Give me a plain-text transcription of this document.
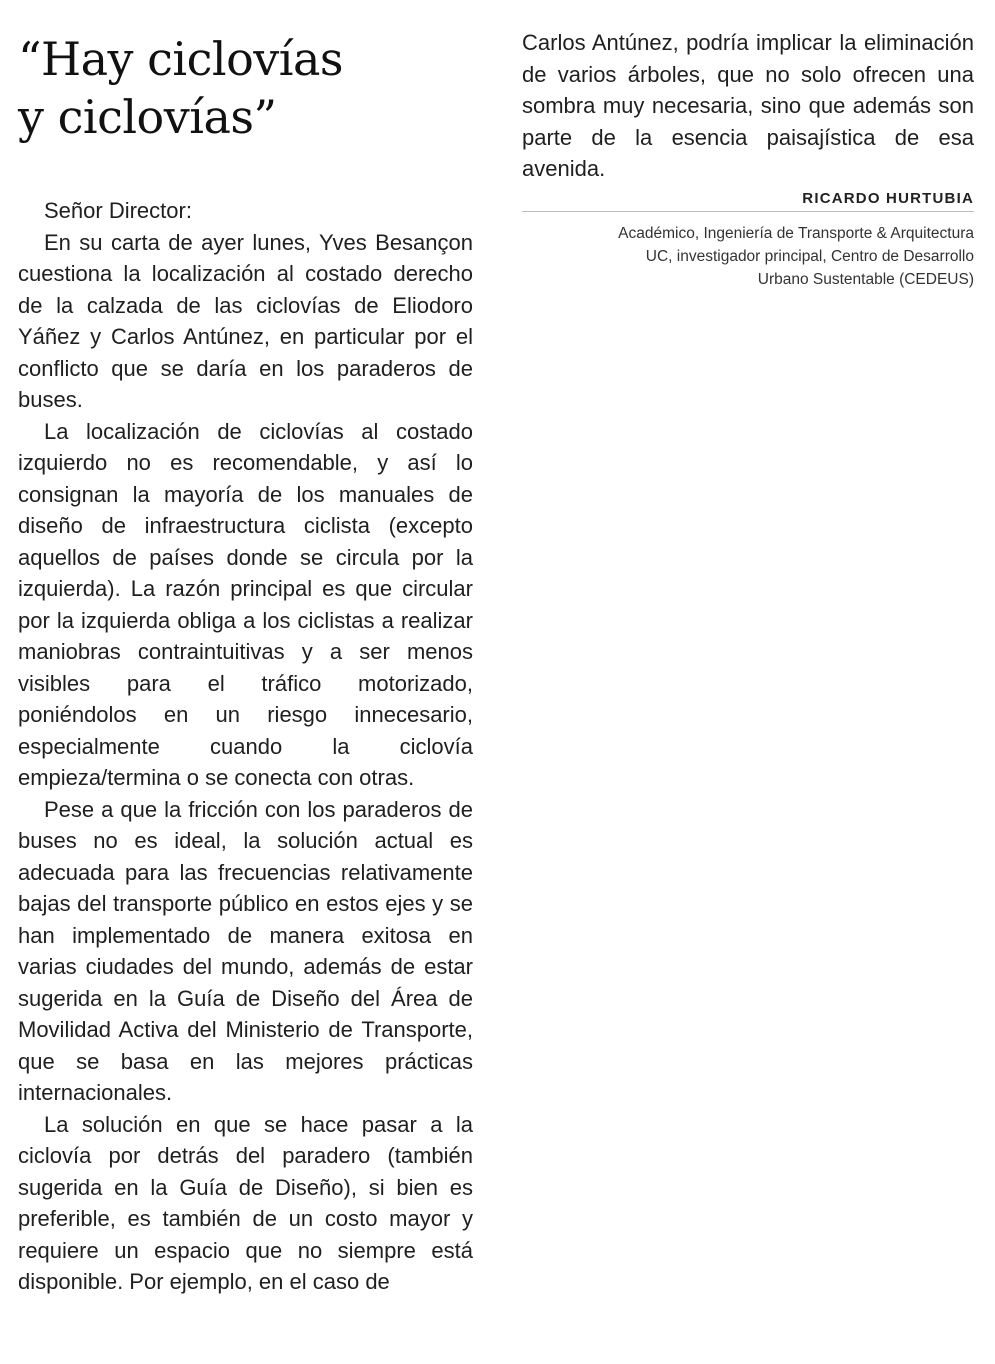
“Hay ciclovías
y ciclovías”

Señor Director:

En su carta de ayer lunes, Yves Besançon cuestiona la localización al costado derecho de la calzada de las ciclovías de Eliodoro Yáñez y Carlos Antúnez, en particular por el conflicto que se daría en los paraderos de buses.

La localización de ciclovías al costado izquierdo no es recomendable, y así lo consignan la mayoría de los manuales de diseño de infraestructura ciclista (excepto aquellos de países donde se circula por la izquierda). La razón principal es que circular por la izquierda obliga a los ciclistas a realizar maniobras contraintuitivas y a ser menos visibles para el tráfico motorizado, poniéndolos en un riesgo innecesario, especialmente cuando la ciclovía empieza/termina o se conecta con otras.

Pese a que la fricción con los paraderos de buses no es ideal, la solución actual es adecuada para las frecuencias relativamente bajas del transporte público en estos ejes y se han implementado de manera exitosa en varias ciudades del mundo, además de estar sugerida en la Guía de Diseño del Área de Movilidad Activa del Ministerio de Transporte, que se basa en las mejores prácticas internacionales.

La solución en que se hace pasar a la ciclovía por detrás del paradero (también sugerida en la Guía de Diseño), si bien es preferible, es también de un costo mayor y requiere un espacio que no siempre está disponible. Por ejemplo, en el caso de

Carlos Antúnez, podría implicar la eliminación de varios árboles, que no solo ofrecen una sombra muy necesaria, sino que además son parte de la esencia paisajística de esa avenida.

RICARDO HURTUBIA
Académico, Ingeniería de Transporte & Arquitectura
UC, investigador principal, Centro de Desarrollo
Urbano Sustentable (CEDEUS)
